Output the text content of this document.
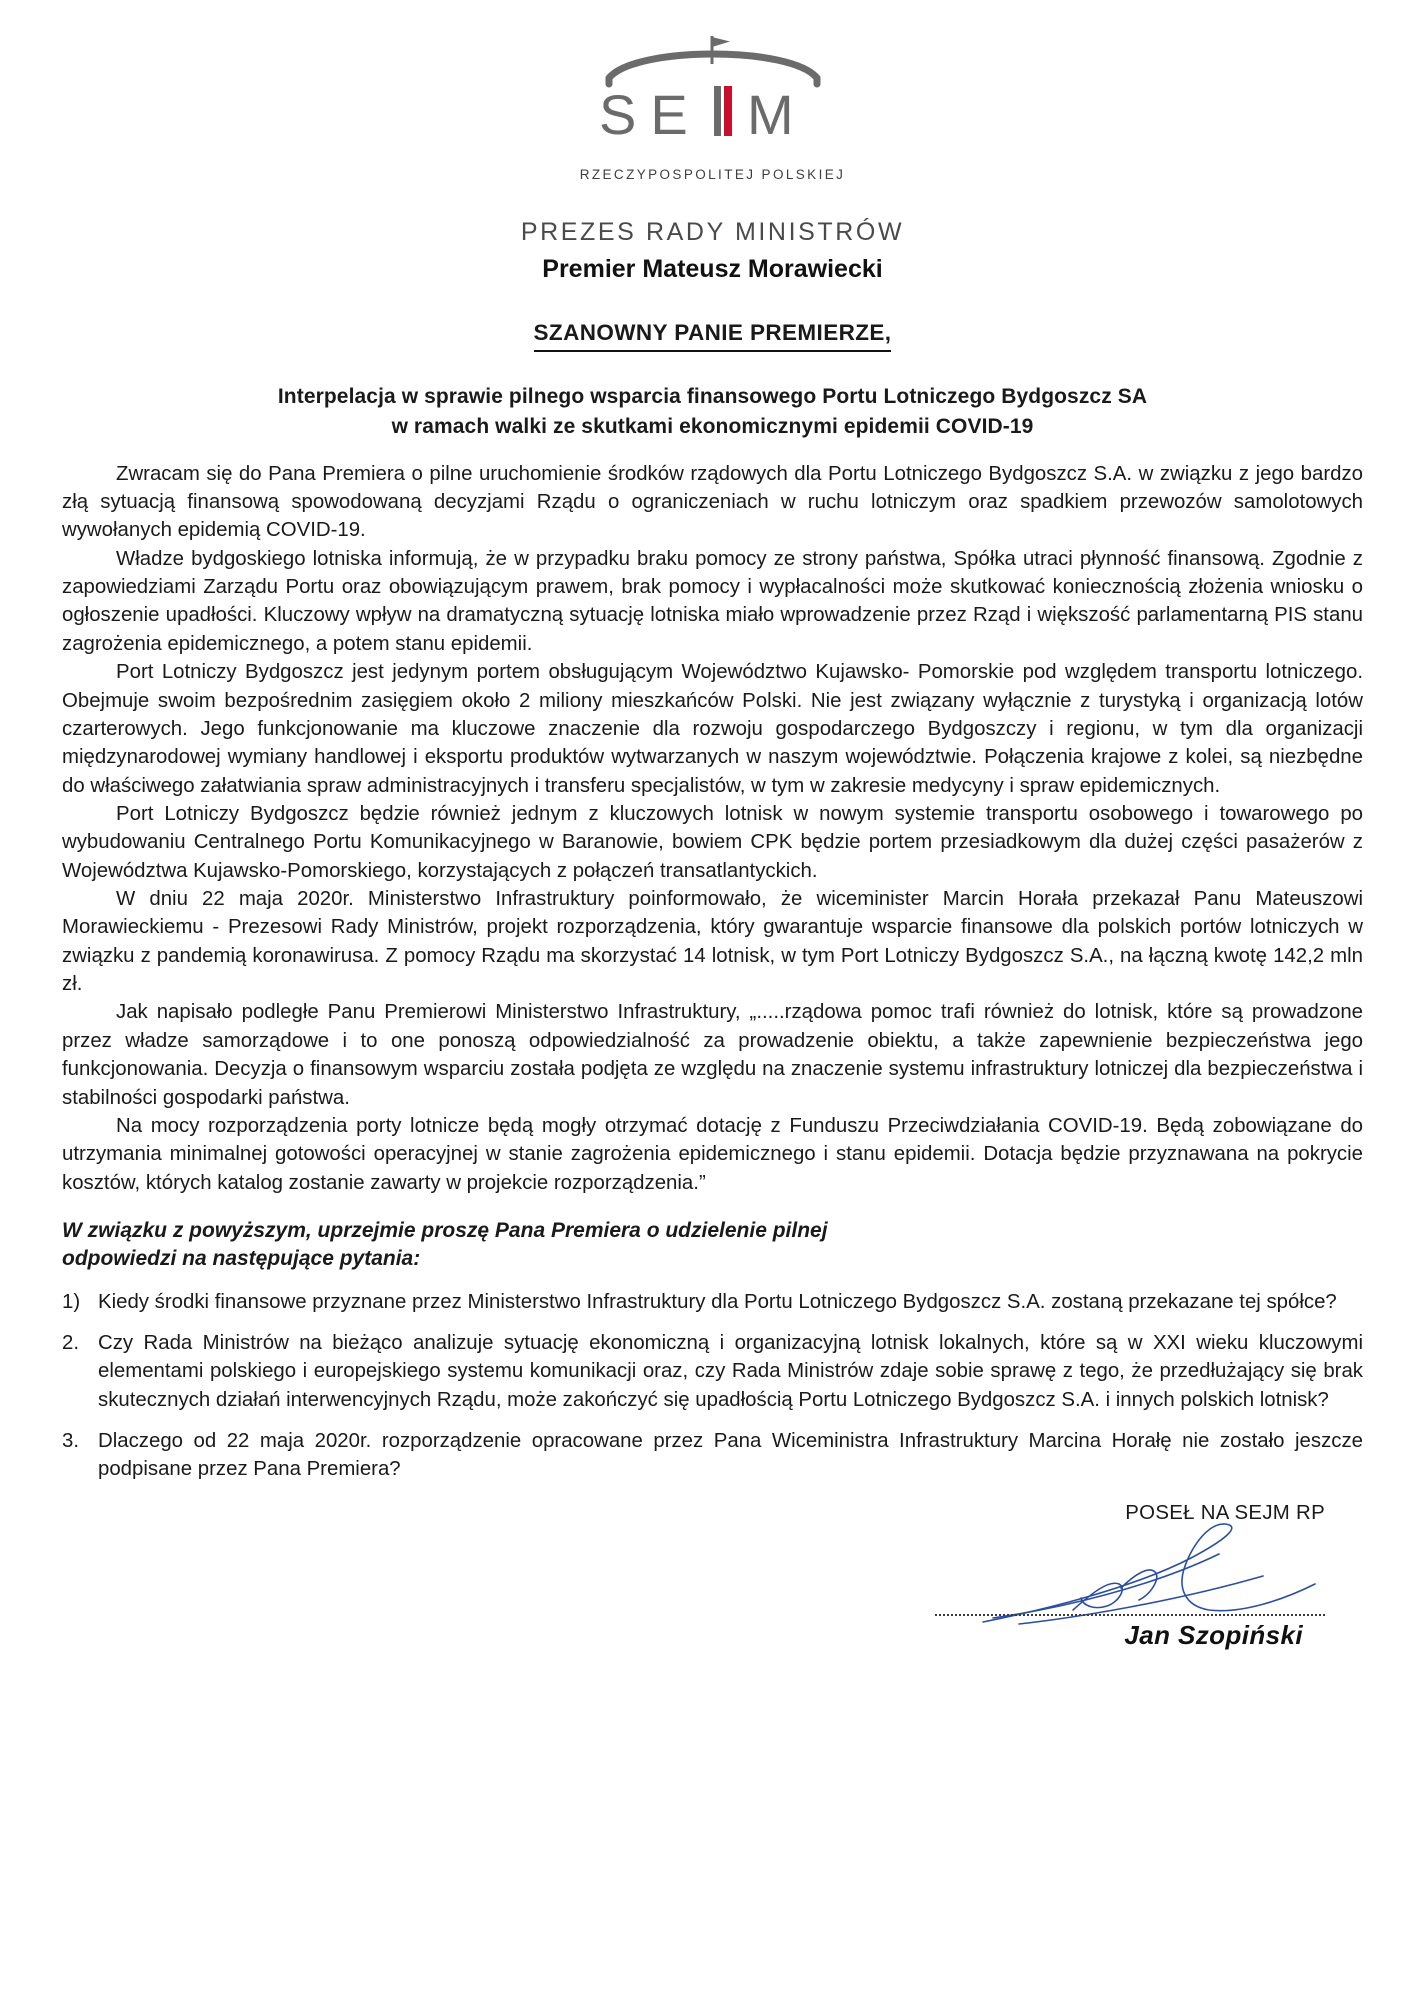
SE M
RZECZYPOSPOLITEJ POLSKIEJ
PREZES RADY MINISTRÓW
Premier Mateusz Morawiecki
SZANOWNY PANIE PREMIERZE,
Interpelacja w sprawie pilnego wsparcia finansowego Portu Lotniczego Bydgoszcz SA
w ramach walki ze skutkami ekonomicznymi epidemii COVID-19

Zwracam się do Pana Premiera o pilne uruchomienie środków rządowych dla Portu Lotniczego Bydgoszcz S.A. w związku z jego bardzo złą sytuacją finansową spowodowaną decyzjami Rządu o ograniczeniach w ruchu lotniczym oraz spadkiem przewozów samolotowych wywołanych epidemią COVID-19.

Władze bydgoskiego lotniska informują, że w przypadku braku pomocy ze strony państwa, Spółka utraci płynność finansową. Zgodnie z zapowiedziami Zarządu Portu oraz obowiązującym prawem, brak pomocy i wypłacalności może skutkować koniecznością złożenia wniosku o ogłoszenie upadłości. Kluczowy wpływ na dramatyczną sytuację lotniska miało wprowadzenie przez Rząd i większość parlamentarną PIS stanu zagrożenia epidemicznego, a potem stanu epidemii.

Port Lotniczy Bydgoszcz jest jedynym portem obsługującym Województwo Kujawsko- Pomorskie pod względem transportu lotniczego. Obejmuje swoim bezpośrednim zasięgiem około 2 miliony mieszkańców Polski. Nie jest związany wyłącznie z turystyką i organizacją lotów czarterowych. Jego funkcjonowanie ma kluczowe znaczenie dla rozwoju gospodarczego Bydgoszczy i regionu, w tym dla organizacji międzynarodowej wymiany handlowej i eksportu produktów wytwarzanych w naszym województwie. Połączenia krajowe z kolei, są niezbędne do właściwego załatwiania spraw administracyjnych i transferu specjalistów, w tym w zakresie medycyny i spraw epidemicznych.

Port Lotniczy Bydgoszcz będzie również jednym z kluczowych lotnisk w nowym systemie transportu osobowego i towarowego po wybudowaniu Centralnego Portu Komunikacyjnego w Baranowie, bowiem CPK będzie portem przesiadkowym dla dużej części pasażerów z Województwa Kujawsko-Pomorskiego, korzystających z połączeń transatlantyckich.

W dniu 22 maja 2020r. Ministerstwo Infrastruktury poinformowało, że wiceminister Marcin Horała przekazał Panu Mateuszowi Morawieckiemu - Prezesowi Rady Ministrów, projekt rozporządzenia, który gwarantuje wsparcie finansowe dla polskich portów lotniczych w związku z pandemią koronawirusa. Z pomocy Rządu ma skorzystać 14 lotnisk, w tym Port Lotniczy Bydgoszcz S.A., na łączną kwotę 142,2 mln zł.

Jak napisało podległe Panu Premierowi Ministerstwo Infrastruktury, „.....rządowa pomoc trafi również do lotnisk, które są prowadzone przez władze samorządowe i to one ponoszą odpowiedzialność za prowadzenie obiektu, a także zapewnienie bezpieczeństwa jego funkcjonowania. Decyzja o finansowym wsparciu została podjęta ze względu na znaczenie systemu infrastruktury lotniczej dla bezpieczeństwa i stabilności gospodarki państwa.

Na mocy rozporządzenia porty lotnicze będą mogły otrzymać dotację z Funduszu Przeciwdziałania COVID-19. Będą zobowiązane do utrzymania minimalnej gotowości operacyjnej w stanie zagrożenia epidemicznego i stanu epidemii. Dotacja będzie przyznawana na pokrycie kosztów, których katalog zostanie zawarty w projekcie rozporządzenia.”

W związku z powyższym, uprzejmie proszę Pana Premiera o udzielenie pilnej
odpowiedzi na następujące pytania:
1) Kiedy środki finansowe przyznane przez Ministerstwo Infrastruktury dla Portu Lotniczego Bydgoszcz S.A. zostaną przekazane tej spółce?
2. Czy Rada Ministrów na bieżąco analizuje sytuację ekonomiczną i organizacyjną lotnisk lokalnych, które są w XXI wieku kluczowymi elementami polskiego i europejskiego systemu komunikacji oraz, czy Rada Ministrów zdaje sobie sprawę z tego, że przedłużający się brak skutecznych działań interwencyjnych Rządu, może zakończyć się upadłością Portu Lotniczego Bydgoszcz S.A. i innych polskich lotnisk?
3. Dlaczego od 22 maja 2020r. rozporządzenie opracowane przez Pana Wiceministra Infrastruktury Marcina Horałę nie zostało jeszcze podpisane przez Pana Premiera?
POSEŁ NA SEJM RP
Jan Szopiński
